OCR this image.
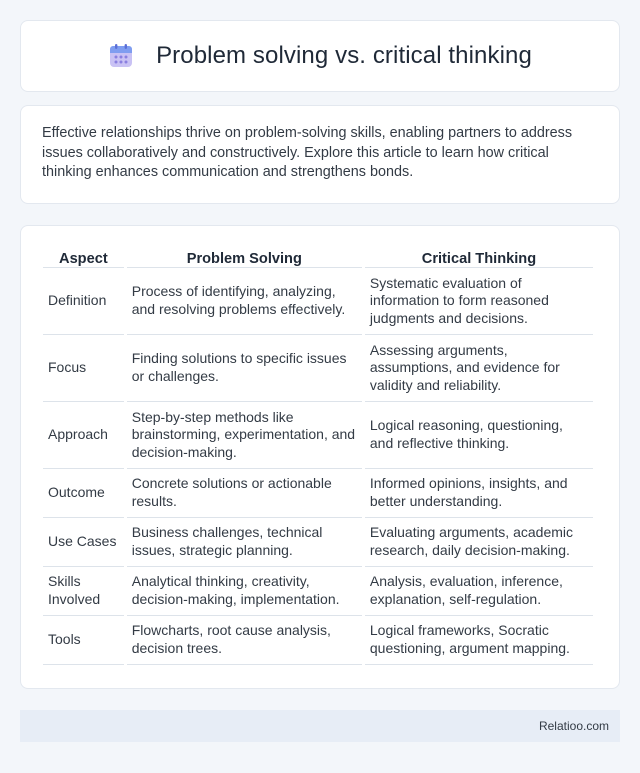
Problem solving vs. critical thinking

Effective relationships thrive on problem-solving skills, enabling partners to address issues collaboratively and constructively. Explore this article to learn how critical thinking enhances communication and strengthens bonds.

Aspect	Problem Solving	Critical Thinking
Definition	Process of identifying, analyzing, and resolving problems effectively.	Systematic evaluation of information to form reasoned judgments and decisions.
Focus	Finding solutions to specific issues or challenges.	Assessing arguments, assumptions, and evidence for validity and reliability.
Approach	Step-by-step methods like brainstorming, experimentation, and decision-making.	Logical reasoning, questioning, and reflective thinking.
Outcome	Concrete solutions or actionable results.	Informed opinions, insights, and better understanding.
Use Cases	Business challenges, technical issues, strategic planning.	Evaluating arguments, academic research, daily decision-making.
Skills Involved	Analytical thinking, creativity, decision-making, implementation.	Analysis, evaluation, inference, explanation, self-regulation.
Tools	Flowcharts, root cause analysis, decision trees.	Logical frameworks, Socratic questioning, argument mapping.
Relatioo.com
